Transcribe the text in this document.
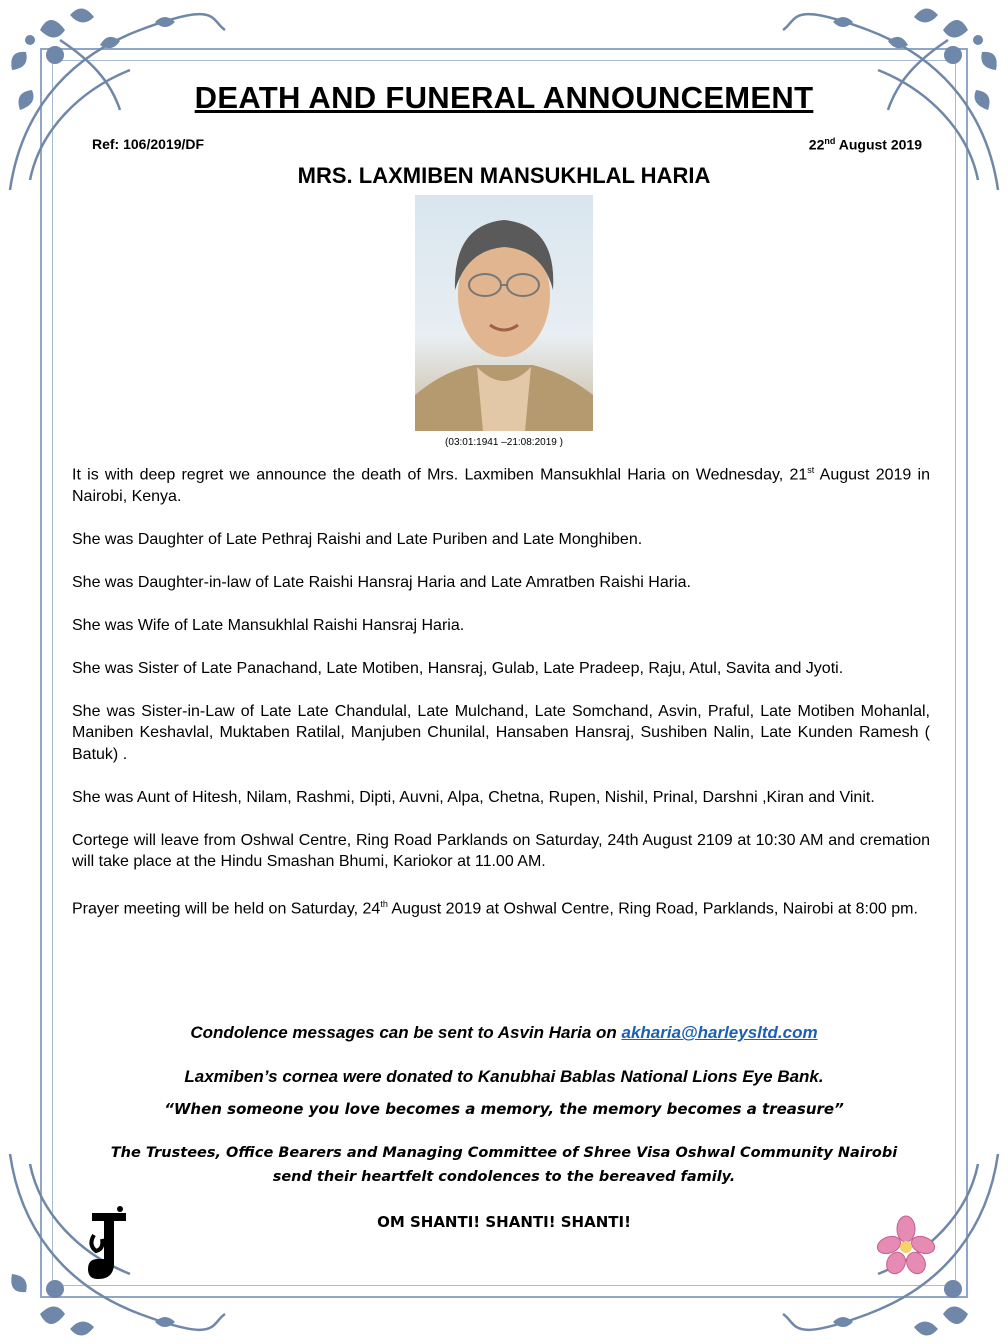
DEATH AND FUNERAL ANNOUNCEMENT
Ref: 106/2019/DF	22nd August 2019
MRS. LAXMIBEN MANSUKHLAL HARIA
(03:01:1941 –21:08:2019 )

It is with deep regret we announce the death of Mrs. Laxmiben Mansukhlal Haria on Wednesday, 21st August 2019 in Nairobi, Kenya.

She was Daughter of Late Pethraj Raishi and Late Puriben and Late Monghiben.

She was Daughter-in-law of Late Raishi Hansraj Haria and Late Amratben Raishi Haria.

She was Wife of Late Mansukhlal Raishi Hansraj Haria.

She was Sister of Late Panachand, Late Motiben, Hansraj, Gulab, Late Pradeep, Raju, Atul, Savita and Jyoti.

She was Sister-in-Law of Late Late Chandulal, Late Mulchand, Late Somchand, Asvin, Praful, Late Motiben Mohanlal, Maniben Keshavlal, Muktaben Ratilal, Manjuben Chunilal, Hansaben Hansraj, Sushiben Nalin, Late Kunden Ramesh ( Batuk) .

She was Aunt of Hitesh, Nilam, Rashmi, Dipti, Auvni, Alpa, Chetna, Rupen, Nishil, Prinal, Darshni ,Kiran and Vinit.

Cortege will leave from Oshwal Centre, Ring Road Parklands on Saturday, 24th August 2109 at 10:30 AM and cremation will take place at the Hindu Smashan Bhumi, Kariokor at 11.00 AM.

Prayer meeting will be held on Saturday, 24th August 2019 at Oshwal Centre, Ring Road, Parklands, Nairobi at 8:00 pm.

Condolence messages can be sent to Asvin Haria on akharia@harleysltd.com
Laxmiben’s cornea were donated to Kanubhai Bablas National Lions Eye Bank.
“When someone you love becomes a memory, the memory becomes a treasure”
The Trustees, Office Bearers and Managing Committee of Shree Visa Oshwal Community Nairobi
send their heartfelt condolences to the bereaved family.
OM SHANTI! SHANTI! SHANTI!
